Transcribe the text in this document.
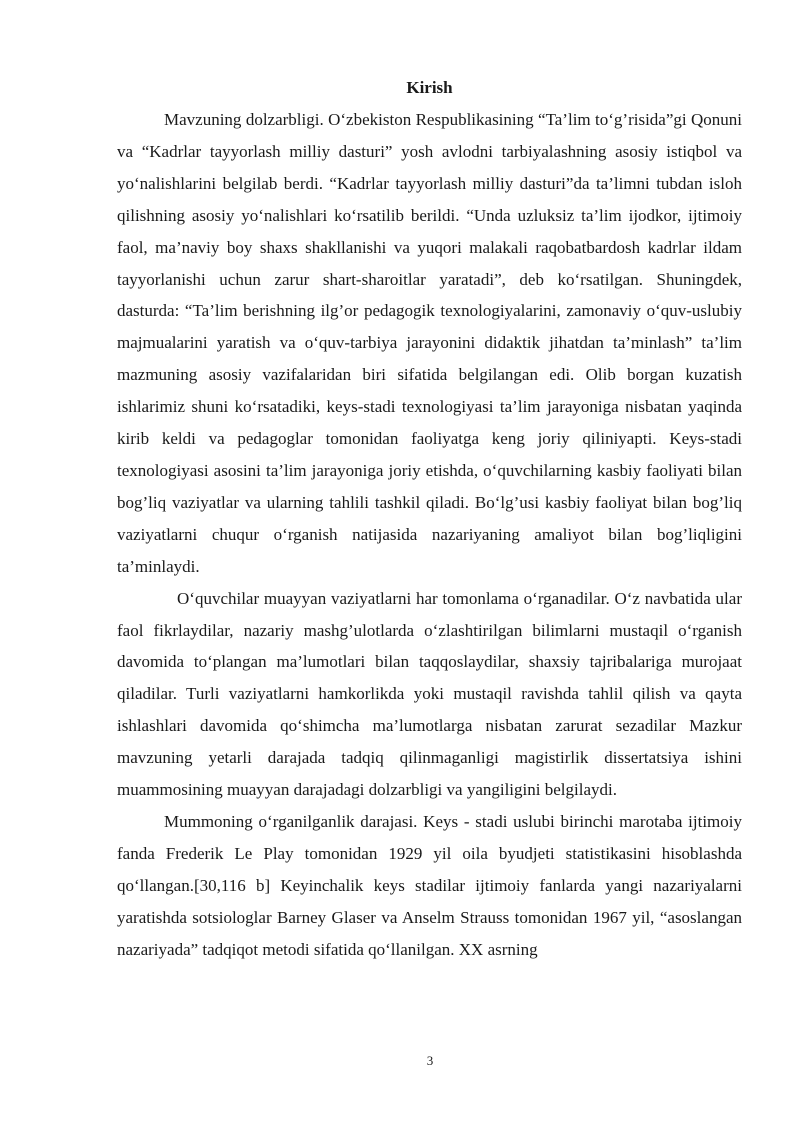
Kirish

Mavzuning dolzarbligi. O‘zbekiston Respublikasining “Ta’lim to‘g’risida”gi Qonuni va “Kadrlar tayyorlash milliy dasturi” yosh avlodni tarbiyalashning asosiy istiqbol va yo‘nalishlarini belgilab berdi. “Kadrlar tayyorlash milliy dasturi”da ta’limni tubdan isloh qilishning asosiy yo‘nalishlari ko‘rsatilib berildi. “Unda uzluksiz ta’lim ijodkor, ijtimoiy faol, ma’naviy boy shaxs shakllanishi va yuqori malakali raqobatbardosh kadrlar ildam tayyorlanishi uchun zarur shart-sharoitlar yaratadi”, deb ko‘rsatilgan. Shuningdek, dasturda: “Ta’lim berishning ilg’or pedagogik texnologiyalarini, zamonaviy o‘quv-uslubiy majmualarini yaratish va o‘quv-tarbiya jarayonini didaktik jihatdan ta’minlash” ta’lim mazmuning asosiy vazifalaridan biri sifatida belgilangan edi. Olib borgan kuzatish ishlarimiz shuni ko‘rsatadiki, keys-stadi texnologiyasi ta’lim jarayoniga nisbatan yaqinda kirib keldi va pedagoglar tomonidan faoliyatga keng joriy qiliniyapti. Keys-stadi texnologiyasi asosini ta’lim jarayoniga joriy etishda, o‘quvchilarning kasbiy faoliyati bilan bog’liq vaziyatlar va ularning tahlili tashkil qiladi. Bo‘lg’usi kasbiy faoliyat bilan bog’liq vaziyatlarni chuqur o‘rganish natijasida nazariyaning amaliyot bilan bog’liqligini ta’minlaydi.

O‘quvchilar muayyan vaziyatlarni har tomonlama o‘rganadilar. O‘z navbatida ular faol fikrlaydilar, nazariy mashg’ulotlarda o‘zlashtirilgan bilimlarni mustaqil o‘rganish davomida to‘plangan ma’lumotlari bilan taqqoslaydilar, shaxsiy tajribalariga murojaat qiladilar. Turli vaziyatlarni hamkorlikda yoki mustaqil ravishda tahlil qilish va qayta ishlashlari davomida qo‘shimcha ma’lumotlarga nisbatan zarurat sezadilar Mazkur mavzuning yetarli darajada tadqiq qilinmaganligi magistirlik dissertatsiya ishini muammosining muayyan darajadagi dolzarbligi va yangiligini belgilaydi.

Mummoning o‘rganilganlik darajasi. Keys - stadi uslubi birinchi marotaba ijtimoiy fanda Frederik Le Play tomonidan 1929 yil oila byudjeti statistikasini hisoblashda qo‘llangan.[30,116 b] Keyinchalik keys stadilar ijtimoiy fanlarda yangi nazariyalarni yaratishda sotsiologlar Barney Glaser va Anselm Strauss tomonidan 1967 yil, “asoslangan nazariyada” tadqiqot metodi sifatida qo‘llanilgan. XX asrning

3
